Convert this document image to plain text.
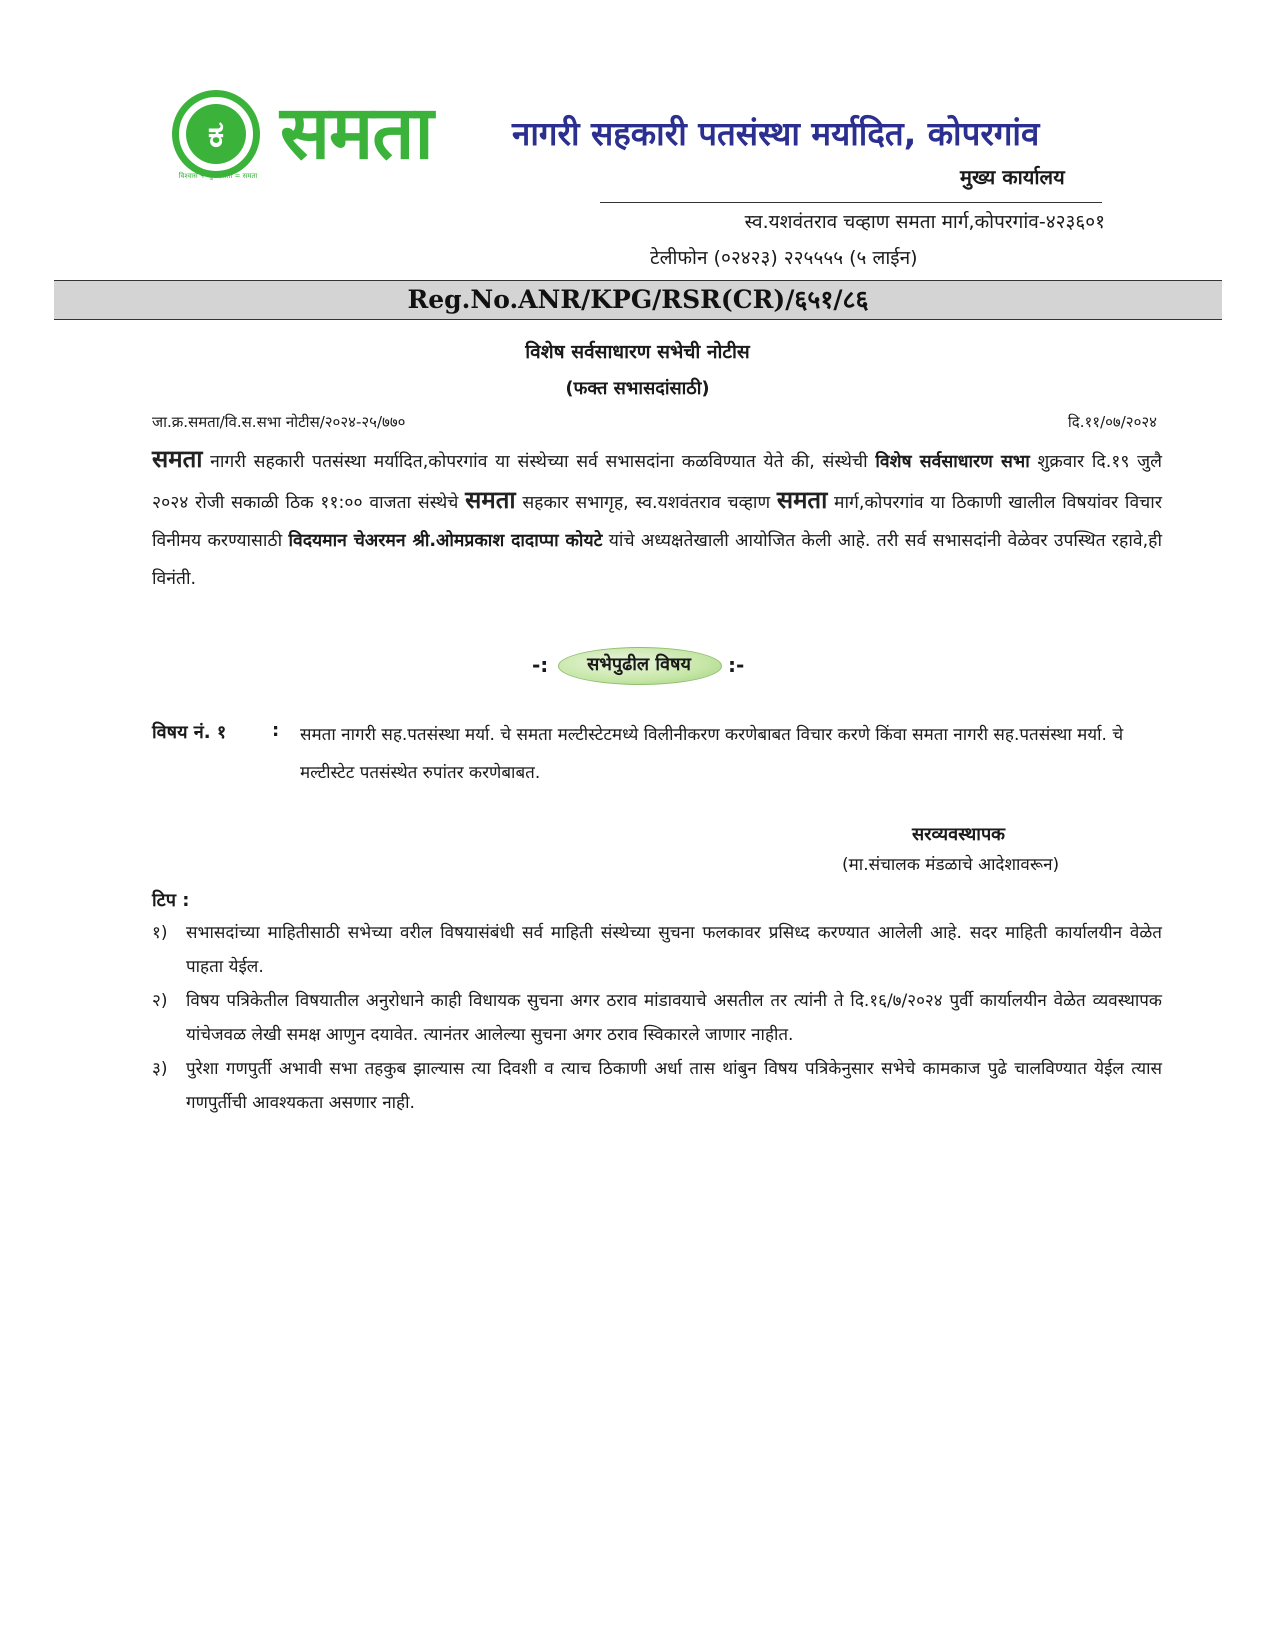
ಕ
विश्वास + सुरक्षितता = समता समता नागरी सहकारी पतसंस्था मर्यादित, कोपरगांव
मुख्य कार्यालय
स्व.यशवंतराव चव्हाण समता मार्ग,कोपरगांव-४२३६०१
टेलीफोन (०२४२३) २२५५५५ (५ लाईन)
Reg.No.ANR/KPG/RSR(CR)/६५१/८६
विशेष सर्वसाधारण सभेची नोटीस
(फक्त सभासदांसाठी)
जा.क्र.समता/वि.स.सभा नोटीस/२०२४-२५/७७०	दि.११/०७/२०२४
समता नागरी सहकारी पतसंस्था मर्यादित,कोपरगांव या संस्थेच्या सर्व सभासदांना कळविण्यात येते की, संस्थेची विशेष सर्वसाधारण सभा शुक्रवार दि.१९ जुलै २०२४ रोजी सकाळी ठिक ११:०० वाजता संस्थेचे समता सहकार सभागृह, स्व.यशवंतराव चव्हाण समता मार्ग,कोपरगांव या ठिकाणी खालील विषयांवर विचार विनीमय करण्यासाठी विदयमान चेअरमन श्री.ओमप्रकाश दादाप्पा कोयटे यांचे अध्यक्षतेखाली आयोजित केली आहे. तरी सर्व सभासदांनी वेळेवर उपस्थित रहावे,ही विनंती.
-:	सभेपुढील विषय	:-
विषय नं. १	: समता नागरी सह.पतसंस्था मर्या. चे समता मल्टीस्टेटमध्ये विलीनीकरण करणेबाबत विचार करणे किंवा समता नागरी सह.पतसंस्था मर्या. चे मल्टीस्टेट पतसंस्थेत रुपांतर करणेबाबत.
सरव्यवस्थापक
(मा.संचालक मंडळाचे आदेशावरून)
टिप :
१)	सभासदांच्या माहितीसाठी सभेच्या वरील विषयासंबंधी सर्व माहिती संस्थेच्या सुचना फलकावर प्रसिध्द करण्यात आलेली आहे. सदर माहिती कार्यालयीन वेळेत पाहता येईल.
२)	विषय पत्रिकेतील विषयातील अनुरोधाने काही विधायक सुचना अगर ठराव मांडावयाचे असतील तर त्यांनी ते दि.१६/७/२०२४ पुर्वी कार्यालयीन वेळेत व्यवस्थापक यांचेजवळ लेखी समक्ष आणुन दयावेत. त्यानंतर आलेल्या सुचना अगर ठराव स्विकारले जाणार नाहीत.
३)	पुरेशा गणपुर्ती अभावी सभा तहकुब झाल्यास त्या दिवशी व त्याच ठिकाणी अर्धा तास थांबुन विषय पत्रिकेनुसार सभेचे कामकाज पुढे चालविण्यात येईल त्यास गणपुर्तीची आवश्यकता असणार नाही.
